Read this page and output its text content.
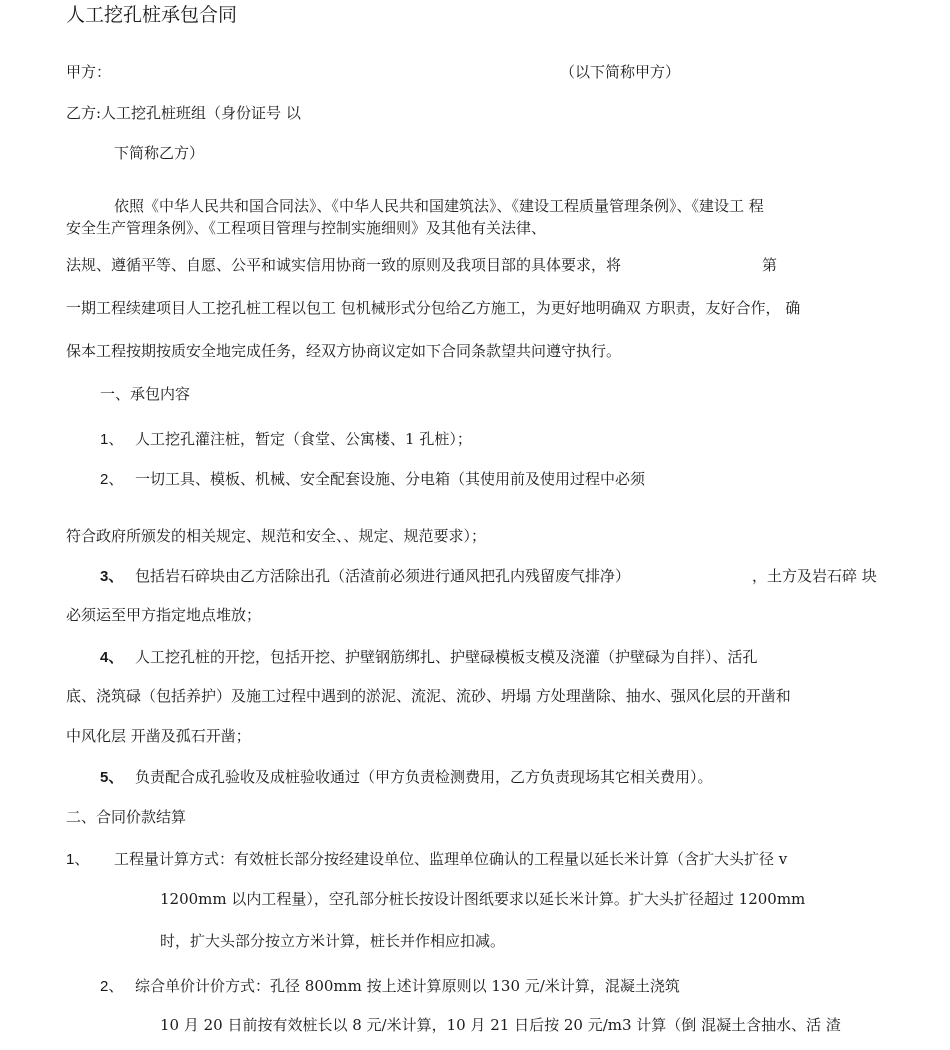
人工挖孔桩承包合同
甲方：	（以下简称甲方）
乙方:人工挖孔桩班组（身份证号 以
下简称乙方）
依照《中华人民共和国合同法》、《中华人民共和国建筑法》、《建设工程质量管理条例》、《建设工 程
安全生产管理条例》、《工程项目管理与控制实施细则》及其他有关法律、
法规、遵循平等、自愿、公平和诚实信用协商一致的原则及我项目部的具体要求，将	第
一期工程续建项目人工挖孔桩工程以包工 包机械形式分包给乙方施工，为更好地明确双 方职责，友好合作， 确
保本工程按期按质安全地完成任务，经双方协商议定如下合同条款望共问遵守执行。
一、承包内容
1、 人工挖孔灌注桩，暂定（食堂、公寓楼、1 孔桩）；
2、 一切工具、模板、机械、安全配套设施、分电箱（其使用前及使用过程中必须
符合政府所颁发的相关规定、规范和安全、、规定、规范要求）；
3、 包括岩石碎块由乙方活除出孔（活渣前必须进行通风把孔内残留废气排净）	，土方及岩石碎 块
必须运至甲方指定地点堆放；
4、 人工挖孔桩的开挖，包括开挖、护壁钢筋绑扎、护壁碌模板支模及浇灌（护壁碌为自拌）、活孔
底、浇筑碌（包括养护）及施工过程中遇到的淤泥、流泥、流砂、坍塌 方处理凿除、抽水、强风化层的开凿和
中风化层 开凿及孤石开凿；
5、 负责配合成孔验收及成桩验收通过（甲方负责检测费用，乙方负责现场其它相关费用）。
二、合同价款结算
1、 工程量计算方式：有效桩长部分按经建设单位、监理单位确认的工程量以延长米计算（含扩大头扩径 v
1200mm 以内工程量），空孔部分桩长按设计图纸要求以延长米计算。扩大头扩径超过 1200mm
时，扩大头部分按立方米计算，桩长并作相应扣减。
2、 综合单价计价方式：孔径 800mm 按上述计算原则以 130 元/米计算，混凝土浇筑
10 月 20 日前按有效桩长以 8 元/米计算，10 月 21 日后按 20 元/m3 计算（倒 混凝土含抽水、活 渣
